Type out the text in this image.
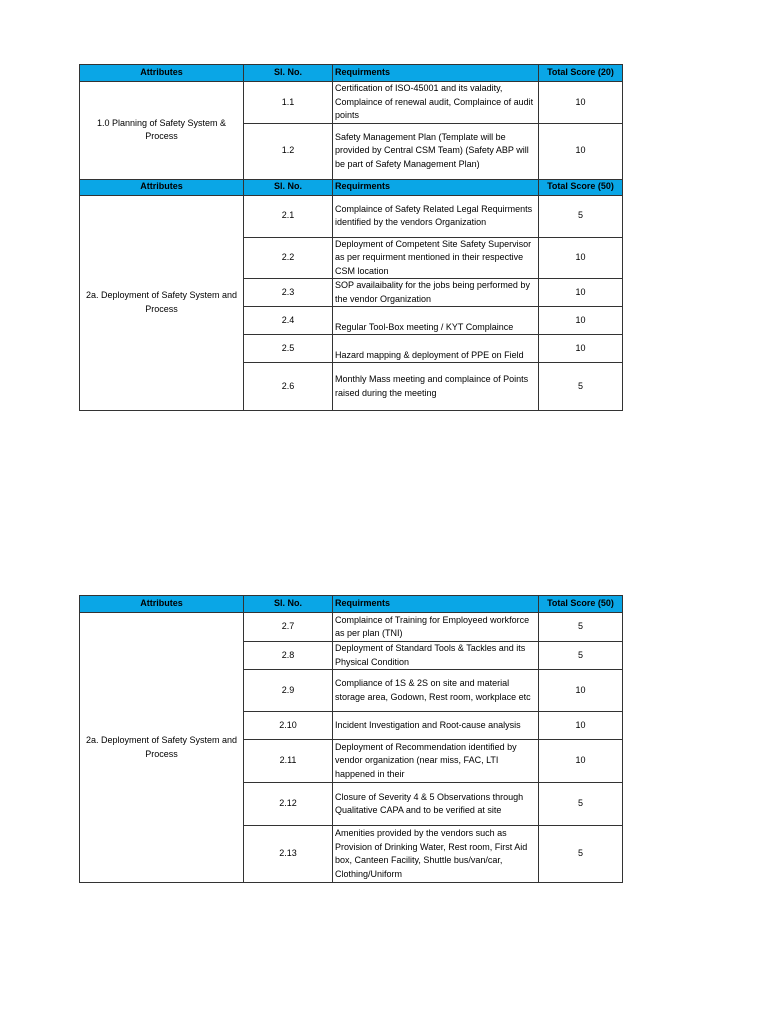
Attributes	Sl. No.	Requirments	Total Score (20)
1.0 Planning of Safety System & Process	1.1	Certification of ISO-45001 and its valadity, Complaince of renewal audit, Complaince of audit points	10
	1.2	Safety Management Plan (Template will be provided by Central CSM Team) (Safety ABP will be part of Safety Management Plan)	10
Attributes	Sl. No.	Requirments	Total Score (50)
2a. Deployment of Safety System and Process	2.1	Complaince of Safety Related Legal Requirments identified by the vendors Organization	5
	2.2	Deployment of Competent Site Safety Supervisor as per requirment mentioned in their respective CSM location	10
	2.3	SOP availaibality for the jobs being performed by the vendor Organization	10
	2.4	Regular Tool-Box meeting / KYT Complaince	10
	2.5	Hazard mapping & deployment of PPE on Field	10
	2.6	Monthly Mass meeting and complaince of Points raised during the meeting	5
Attributes	Sl. No.	Requirments	Total Score (50)
2a. Deployment of Safety System and Process	2.7	Complaince of Training for Employeed workforce as per plan (TNI)	5
	2.8	Deployment of Standard Tools & Tackles and its Physical Condition	5
	2.9	Compliance of 1S & 2S on site and material storage area, Godown, Rest room, workplace etc	10
	2.10	Incident Investigation and Root-cause analysis	10
	2.11	Deployment of Recommendation identified by vendor organization (near miss, FAC, LTI happened in their	10
	2.12	Closure of Severity 4 & 5 Observations through Qualitative CAPA and to be verified at site	5
	2.13	Amenities provided by the vendors such as Provision of Drinking Water, Rest room, First Aid box, Canteen Facility, Shuttle bus/van/car, Clothing/Uniform	5
